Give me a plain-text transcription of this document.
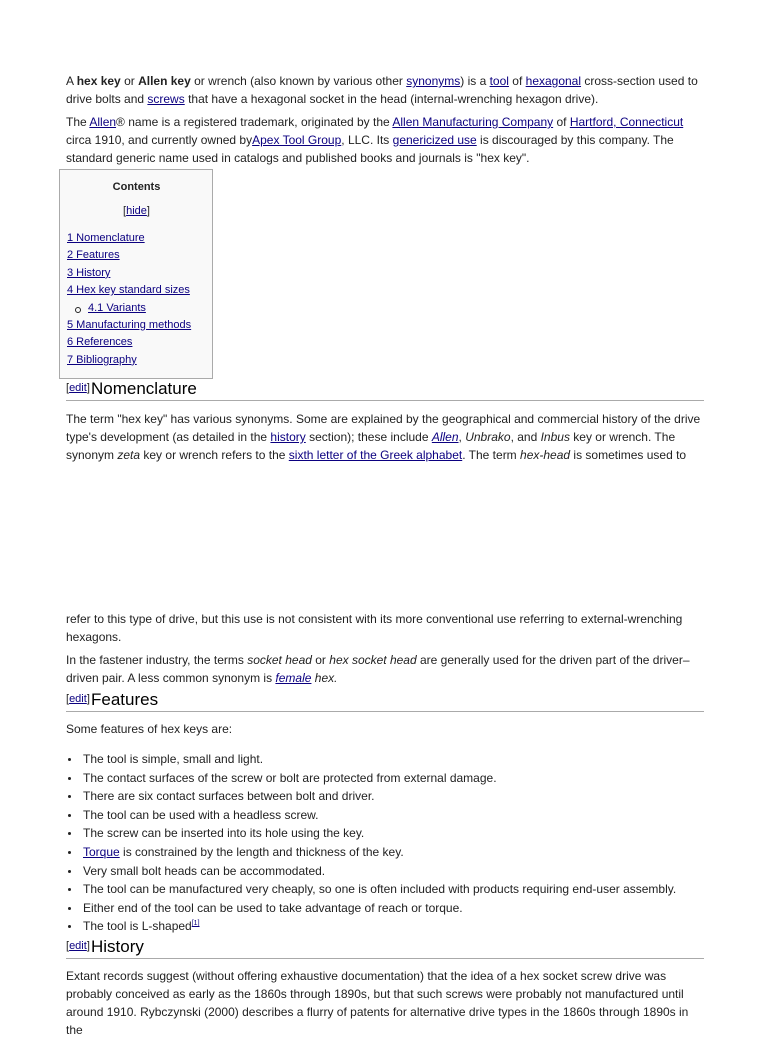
A hex key or Allen key or wrench (also known by various other synonyms) is a tool of hexagonal cross-section used to drive bolts and screws that have a hexagonal socket in the head (internal-wrenching hexagon drive).

The Allen® name is a registered trademark, originated by the Allen Manufacturing Company of Hartford, Connecticut circa 1910, and currently owned byApex Tool Group, LLC. Its genericized use is discouraged by this company. The standard generic name used in catalogs and published books and journals is "hex key".

Contents
[hide]
1 Nomenclature
2 Features
3 History
4 Hex key standard sizes
4.1 Variants
5 Manufacturing methods
6 References
7 Bibliography
[edit] Nomenclature

The term "hex key" has various synonyms. Some are explained by the geographical and commercial history of the drive type's development (as detailed in the history section); these include Allen, Unbrako, and Inbus key or wrench. The synonym zeta key or wrench refers to the sixth letter of the Greek alphabet. The term hex-head is sometimes used to

refer to this type of drive, but this use is not consistent with its more conventional use referring to external-wrenching hexagons.

In the fastener industry, the terms socket head or hex socket head are generally used for the driven part of the driver–driven pair. A less common synonym is female hex.

[edit] Features

Some features of hex keys are:

The tool is simple, small and light.
The contact surfaces of the screw or bolt are protected from external damage.
There are six contact surfaces between bolt and driver.
The tool can be used with a headless screw.
The screw can be inserted into its hole using the key.
Torque is constrained by the length and thickness of the key.
Very small bolt heads can be accommodated.
The tool can be manufactured very cheaply, so one is often included with products requiring end-user assembly.
Either end of the tool can be used to take advantage of reach or torque.
The tool is L-shaped[1]
[edit] History

Extant records suggest (without offering exhaustive documentation) that the idea of a hex socket screw drive was probably conceived as early as the 1860s through 1890s, but that such screws were probably not manufactured until around 1910. Rybczynski (2000) describes a flurry of patents for alternative drive types in the 1860s through 1890s in the
